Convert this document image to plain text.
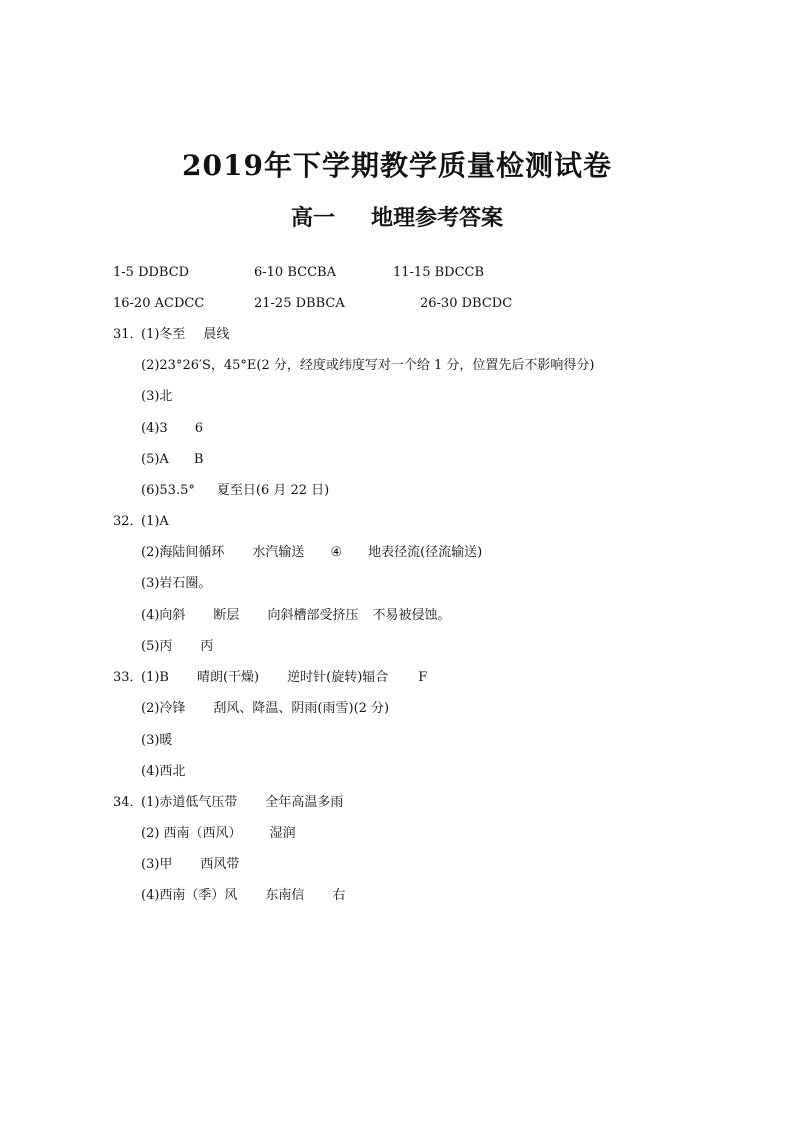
2019年下学期教学质量检测试卷
高一 地理参考答案
1-5 DDBCD	6-10 BCCBA	11-15 BDCCB
16-20 ACDCC	21-25 DBBCA	26-30 DBCDC
31．
(1)冬至 晨线
(2)23°26′S，45°E(2 分，经度或纬度写对一个给 1 分，位置先后不影响得分)
(3)北
(4)3 6
(5)A B
(6)53.5° 夏至日(6 月 22 日)
32．
(1)A
(2)海陆间循环 水汽输送 ④ 地表径流(径流输送)
(3)岩石圈。
(4)向斜 断层 向斜槽部受挤压 不易被侵蚀。
(5)丙 丙
33．
(1)B 晴朗(干燥) 逆时针(旋转)辐合 F
(2)冷锋 刮风、降温、阴雨(雨雪)(2 分)
(3)暖
(4)西北
34．
(1)赤道低气压带 全年高温多雨
(2) 西南（西风） 湿润
(3)甲 西风带
(4)西南（季）风 东南信 右
